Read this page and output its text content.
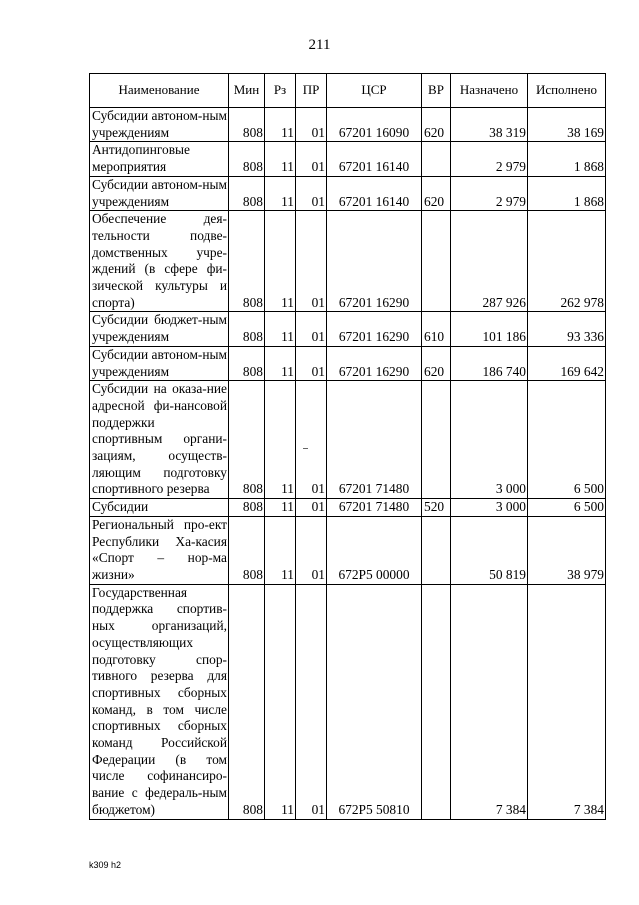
211
Наименование	Мин	Рз	ПР	ЦСР	ВР	Назначено	Исполнено
Субсидии автоном-ным учреждениям	808	11	01	67201 16090	620	38 319	38 169
Антидопинговые мероприятия	808	11	01	67201 16140		2 979	1 868
Субсидии автоном-ным учреждениям	808	11	01	67201 16140	620	2 979	1 868
Обеспечение дея-тельности подве-домственных учре-ждений (в сфере фи-зической культуры и спорта)	808	11	01	67201 16290		287 926	262 978
Субсидии бюджет-ным учреждениям	808	11	01	67201 16290	610	101 186	93 336
Субсидии автоном-ным учреждениям	808	11	01	67201 16290	620	186 740	169 642
Субсидии на оказа-ние адресной фи-нансовой поддержки спортивным органи-зациям, осуществ-ляющим подготовку спортивного резерва	808	11	01	67201 71480		3 000	6 500
Субсидии	808	11	01	67201 71480	520	3 000	6 500
Региональный про-ект Республики Ха-касия «Спорт – нор-ма жизни»	808	11	01	672P5 00000		50 819	38 979
Государственная поддержка спортив-ных организаций, осуществляющих подготовку спор-тивного резерва для спортивных сборных команд, в том числе спортивных сборных команд Российской Федерации (в том числе софинансиро-вание с федераль-ным бюджетом)	808	11	01	672P5 50810		7 384	7 384
k309 h2
